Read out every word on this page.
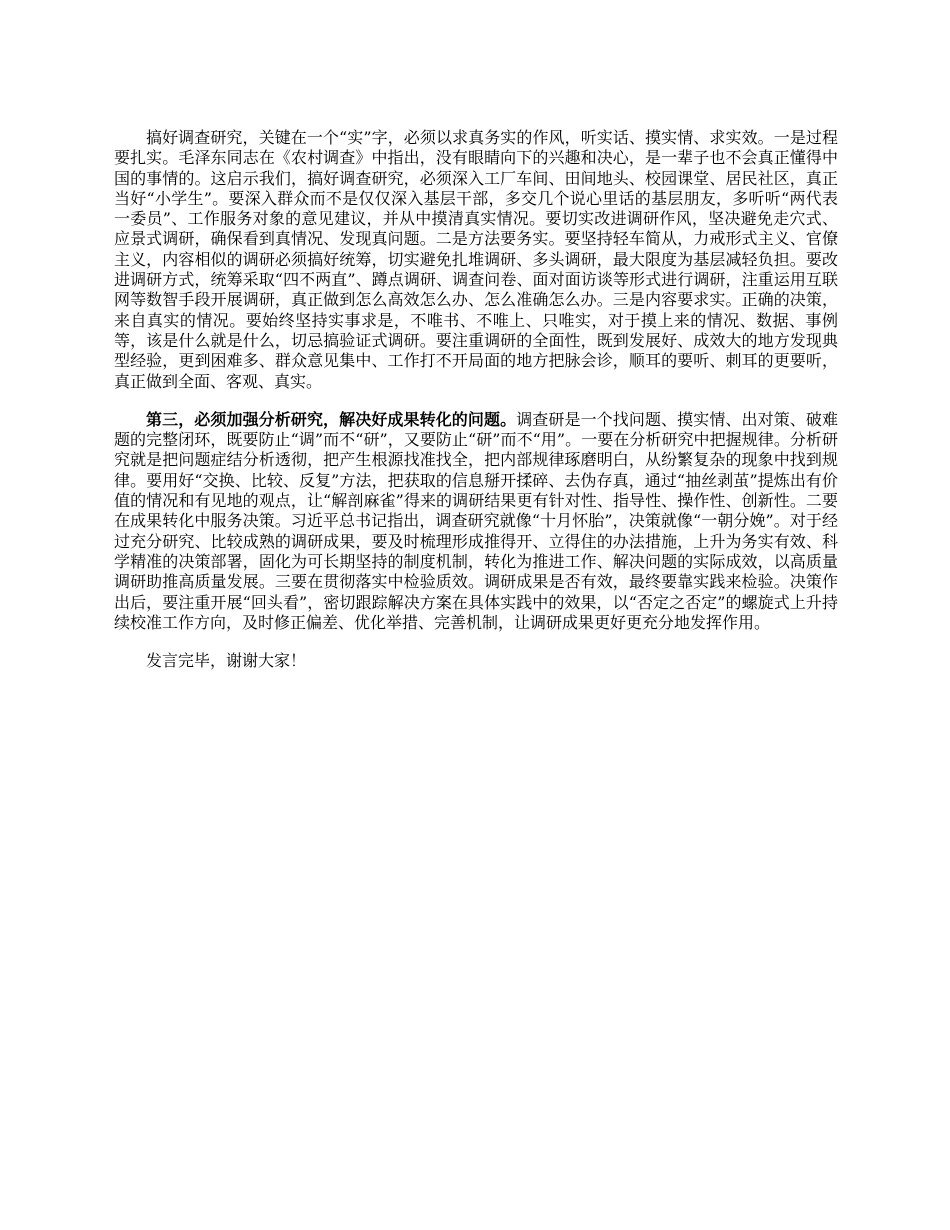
搞好调查研究，关键在一个“实”字，必须以求真务实的作风，听实话、摸实情、求实效。一是过程要扎实。毛泽东同志在《农村调查》中指出，没有眼睛向下的兴趣和决心，是一辈子也不会真正懂得中国的事情的。这启示我们，搞好调查研究，必须深入工厂车间、田间地头、校园课堂、居民社区，真正当好“小学生”。要深入群众而不是仅仅深入基层干部，多交几个说心里话的基层朋友，多听听“两代表一委员”、工作服务对象的意见建议，并从中摸清真实情况。要切实改进调研作风，坚决避免走穴式、应景式调研，确保看到真情况、发现真问题。二是方法要务实。要坚持轻车简从，力戒形式主义、官僚主义，内容相似的调研必须搞好统筹，切实避免扎堆调研、多头调研，最大限度为基层减轻负担。要改进调研方式，统筹采取“四不两直”、蹲点调研、调查问卷、面对面访谈等形式进行调研，注重运用互联网等数智手段开展调研，真正做到怎么高效怎么办、怎么准确怎么办。三是内容要求实。正确的决策，来自真实的情况。要始终坚持实事求是，不唯书、不唯上、只唯实，对于摸上来的情况、数据、事例等，该是什么就是什么，切忌搞验证式调研。要注重调研的全面性，既到发展好、成效大的地方发现典型经验，更到困难多、群众意见集中、工作打不开局面的地方把脉会诊，顺耳的要听、刺耳的更要听，真正做到全面、客观、真实。

第三，必须加强分析研究，解决好成果转化的问题。调查研是一个找问题、摸实情、出对策、破难题的完整闭环，既要防止“调”而不“研”，又要防止“研”而不“用”。一要在分析研究中把握规律。分析研究就是把问题症结分析透彻，把产生根源找准找全，把内部规律琢磨明白，从纷繁复杂的现象中找到规律。要用好“交换、比较、反复”方法，把获取的信息掰开揉碎、去伪存真，通过“抽丝剥茧”提炼出有价值的情况和有见地的观点，让“解剖麻雀”得来的调研结果更有针对性、指导性、操作性、创新性。二要在成果转化中服务决策。习近平总书记指出，调查研究就像“十月怀胎”，决策就像“一朝分娩”。对于经过充分研究、比较成熟的调研成果，要及时梳理形成推得开、立得住的办法措施，上升为务实有效、科学精准的决策部署，固化为可长期坚持的制度机制，转化为推进工作、解决问题的实际成效，以高质量调研助推高质量发展。三要在贯彻落实中检验质效。调研成果是否有效，最终要靠实践来检验。决策作出后，要注重开展“回头看”，密切跟踪解决方案在具体实践中的效果，以“否定之否定”的螺旋式上升持续校准工作方向，及时修正偏差、优化举措、完善机制，让调研成果更好更充分地发挥作用。

发言完毕，谢谢大家！
